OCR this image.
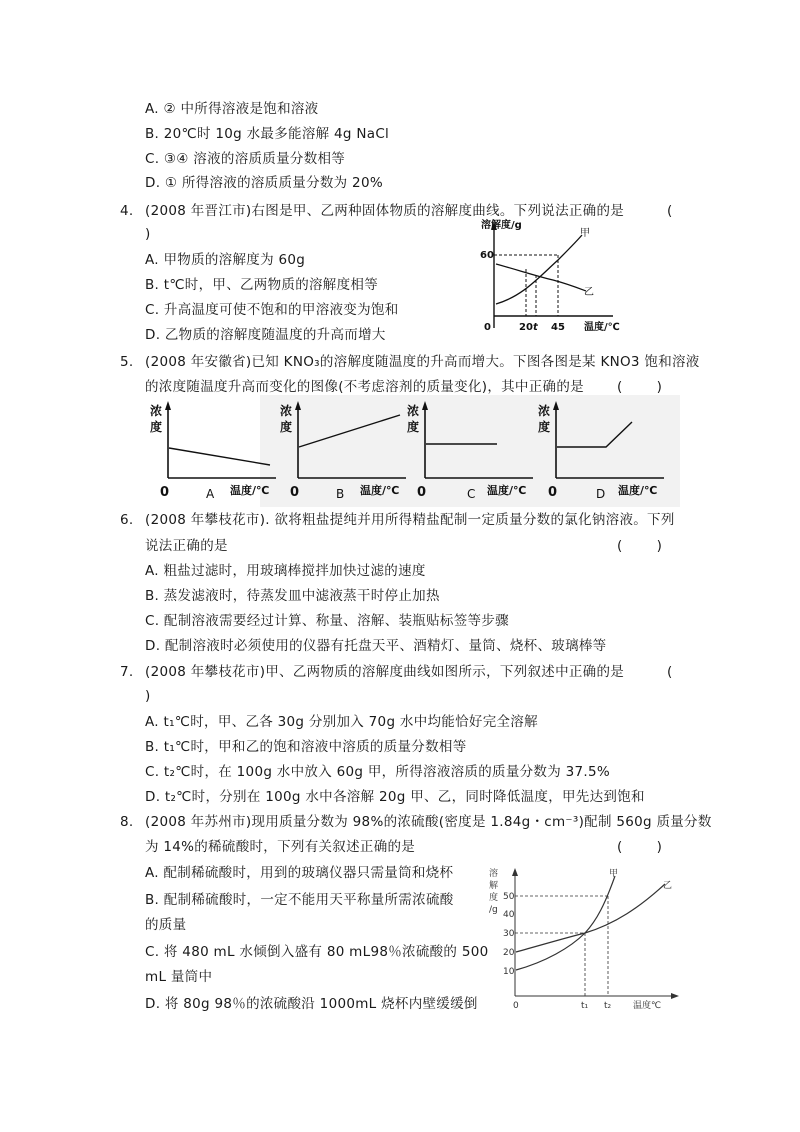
A. ② 中所得溶液是饱和溶液
B. 20℃时 10g 水最多能溶解 4g NaCl
C. ③④ 溶液的溶质质量分数相等
D. ① 所得溶液的溶质质量分数为 20%
4. (2008 年晋江市)右图是甲、乙两种固体物质的溶解度曲线。下列说法正确的是	(
)
A. 甲物质的溶解度为 60g
B. t℃时，甲、乙两物质的溶解度相等
C. 升高温度可使不饱和的甲溶液变为饱和
D. 乙物质的溶解度随温度的升高而增大
溶解度/g
60
甲
乙
0	20 t 45 温度/℃
5. (2008 年安徽省)已知 KNO₃的溶解度随温度的升高而增大。下图各图是某 KNO3 饱和溶液
的浓度随温度升高而变化的图像(不考虑溶剂的质量变化)，其中正确的是 (        )
浓
度
0	A 温度/℃
浓
度
0	B 温度/℃
浓
度
0	C 温度/℃
浓
度
0	D 温度/℃
6. (2008 年攀枝花市). 欲将粗盐提纯并用所得精盐配制一定质量分数的氯化钠溶液。下列
说法正确的是	(        )
A. 粗盐过滤时，用玻璃棒搅拌加快过滤的速度
B. 蒸发滤液时，待蒸发皿中滤液蒸干时停止加热
C. 配制溶液需要经过计算、称量、溶解、装瓶贴标签等步骤
D. 配制溶液时必须使用的仪器有托盘天平、酒精灯、量筒、烧杯、玻璃棒等
7. (2008 年攀枝花市)甲、乙两物质的溶解度曲线如图所示，下列叙述中正确的是	(
)
A. t₁℃时，甲、乙各 30g 分别加入 70g 水中均能恰好完全溶解
B. t₁℃时，甲和乙的饱和溶液中溶质的质量分数相等
C. t₂℃时，在 100g 水中放入 60g 甲，所得溶液溶质的质量分数为 37.5%
D. t₂℃时，分别在 100g 水中各溶解 20g 甲、乙，同时降低温度，甲先达到饱和
8. (2008 年苏州市)现用质量分数为 98%的浓硫酸(密度是 1.84g・cm⁻³)配制 560g 质量分数
为 14%的稀硫酸时，下列有关叙述正确的是	(        )
A. 配制稀硫酸时，用到的玻璃仪器只需量筒和烧杯
B. 配制稀硫酸时，一定不能用天平称量所需浓硫酸
的质量
C. 将 480 mL 水倾倒入盛有 80 mL98％浓硫酸的 500
mL 量筒中
D. 将 80g 98％的浓硫酸沿 1000mL 烧杯内壁缓缓倒
溶
解
度
/g
50
40
30
20
10
甲
乙
0	t₁ t₂ 温度℃
